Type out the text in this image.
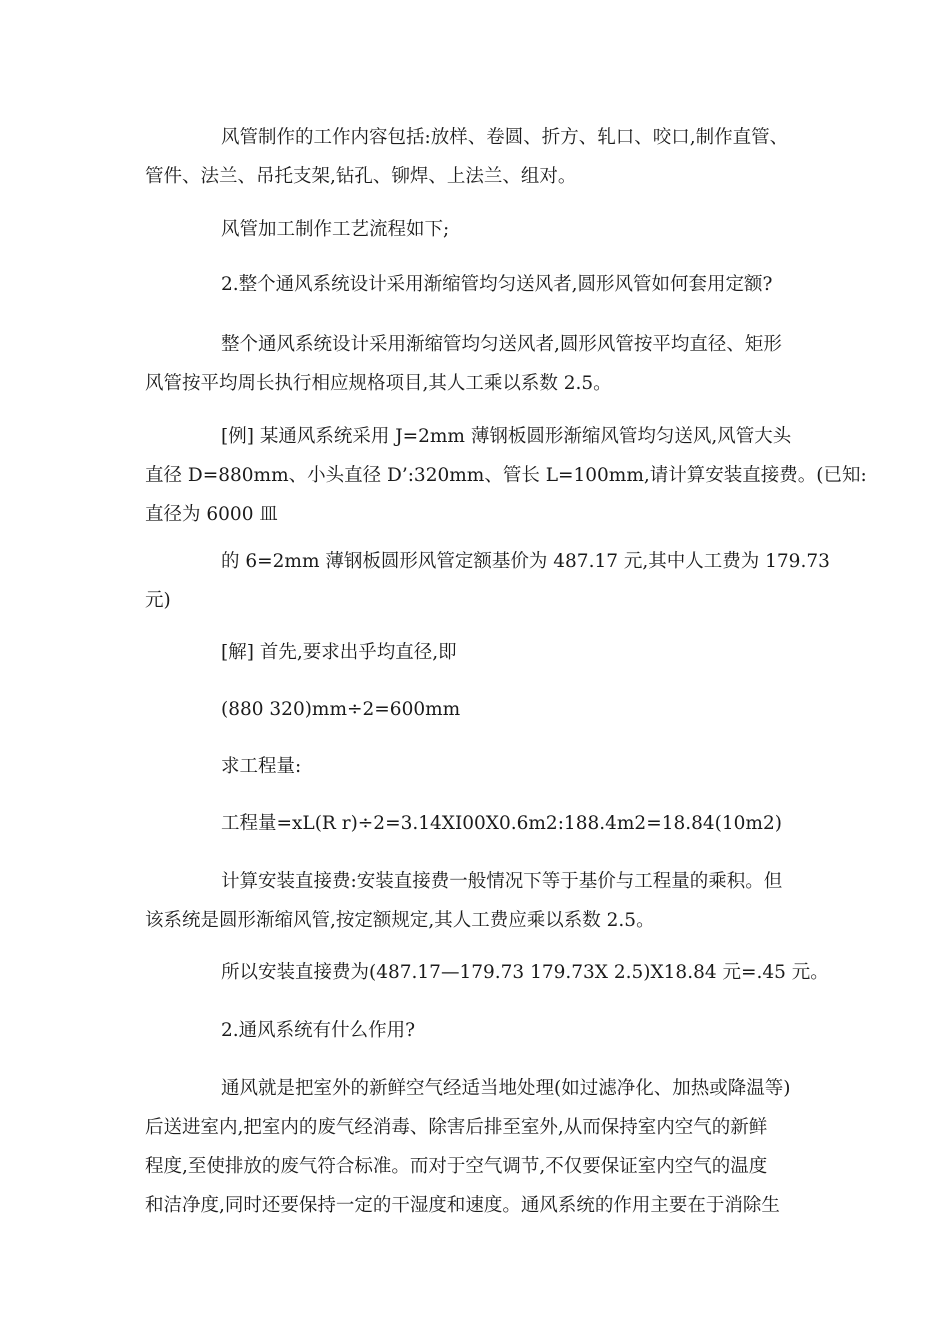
风管制作的工作内容包括:放样、卷圆、折方、轧口、咬口,制作直管、
管件、法兰、吊托支架,钻孔、铆焊、上法兰、组对。
风管加工制作工艺流程如下;
2.整个通风系统设计采用渐缩管均匀送风者,圆形风管如何套用定额?
整个通风系统设计采用渐缩管均匀送风者,圆形风管按平均直径、矩形
风管按平均周长执行相应规格项目,其人工乘以系数 2.5。
[例] 某通风系统采用 J=2mm 薄钢板圆形渐缩风管均匀送风,风管大头
直径 D=880mm、小头直径 D’:320mm、管长 L=100mm,请计算安装直接费。(已知:
直径为 6000 皿
的 6=2mm 薄钢板圆形风管定额基价为 487.17 元,其中人工费为 179.73
元)
[解] 首先,要求出乎均直径,即
(880 320)mm÷2=600mm
求工程量:
工程量=xL(R r)÷2=3.14XI00X0.6m2:188.4m2=18.84(10m2)
计算安装直接费:安装直接费一般情况下等于基价与工程量的乘积。但
该系统是圆形渐缩风管,按定额规定,其人工费应乘以系数 2.5。
所以安装直接费为(487.17—179.73 179.73X 2.5)X18.84 元=.45 元。
2.通风系统有什么作用?
通风就是把室外的新鲜空气经适当地处理(如过滤净化、加热或降温等)
后送进室内,把室内的废气经消毒、除害后排至室外,从而保持室内空气的新鲜
程度,至使排放的废气符合标准。而对于空气调节,不仅要保证室内空气的温度
和洁净度,同时还要保持一定的干湿度和速度。通风系统的作用主要在于消除生
